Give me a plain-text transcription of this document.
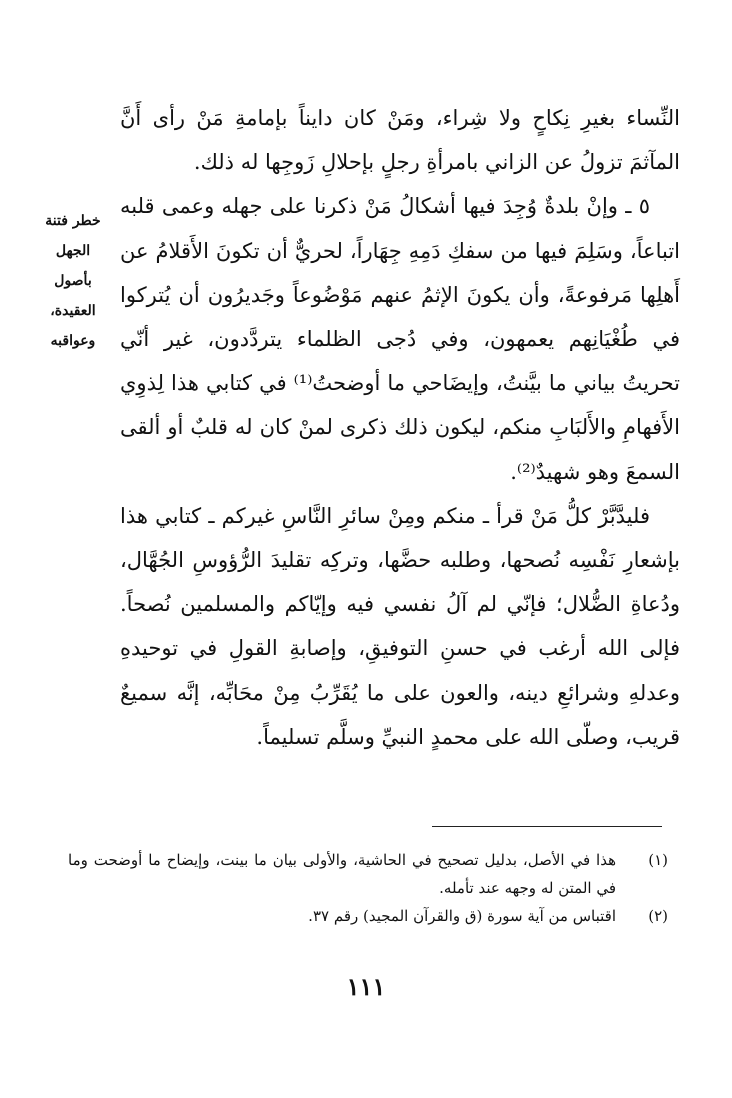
النِّساء بغيرِ نِكاحٍ ولا شِراء، ومَنْ كان دايناً بإمامةِ مَنْ رأى أَنَّ المآثمَ تزولُ عن الزاني بامرأةِ رجلٍ بإحلالِ زَوجِها له ذلك.

٥ ـ وإنْ بلدةٌ وُجِدَ فيها أشكالُ مَنْ ذكرنا على جهله وعمى قلبه اتباعاً، وسَلِمَ فيها من سفكِ دَمِهِ جِهَاراً، لحريٌّ أن تكونَ الأَقلامُ عن أَهلِها مَرفوعةً، وأن يكونَ الإثمُ عنهم مَوْضُوعاً وجَديرُون أن يُتركوا في طُغْيَانِهم يعمهون، وفي دُجى الظلماء يتردَّدون، غير أنّي تحريتُ بياني ما بيَّنتُ، وإيضَاحي ما أوضحتُ⁽¹⁾ في كتابي هذا لِذوِي الأَفهامِ والأَلبَابِ منكم، ليكون ذلك ذكرى لمنْ كان له قلبٌ أو ألقى السمعَ وهو شهيدٌ⁽²⁾.

فليدَّبَّرْ كلُّ مَنْ قرأ ـ منكم ومِنْ سائرِ النَّاسِ غيركم ـ كتابي هذا بإشعارِ نَفْسِه نُصحها، وطلبه حضَّها، وتركِه تقليدَ الرُّؤوسِ الجُهَّال، ودُعاةِ الضُّلال؛ فإنّي لم آلُ نفسي فيه وإيّاكم والمسلمين نُصحاً. فإلى الله أرغب في حسنِ التوفيقِ، وإصابةِ القولِ في توحيدهِ وعدلهِ وشرائعِ دينه، والعون على ما يُقَرِّبُ مِنْ محَابِّه، إنَّه سميعٌ قريب، وصلّى الله على محمدٍ النبيِّ وسلَّم تسليماً.

خطر فتنة
الجهل
بأصول
العقيدة،
وعواقبه
(١)
هذا في الأصل، بدليل تصحيح في الحاشية، والأولى بيان ما بينت، وإيضاح ما أوضحت وما في المتن له وجهه عند تأمله.
(٢)
اقتباس من آية سورة (ق والقرآن المجيد) رقم ٣٧.
١١١
